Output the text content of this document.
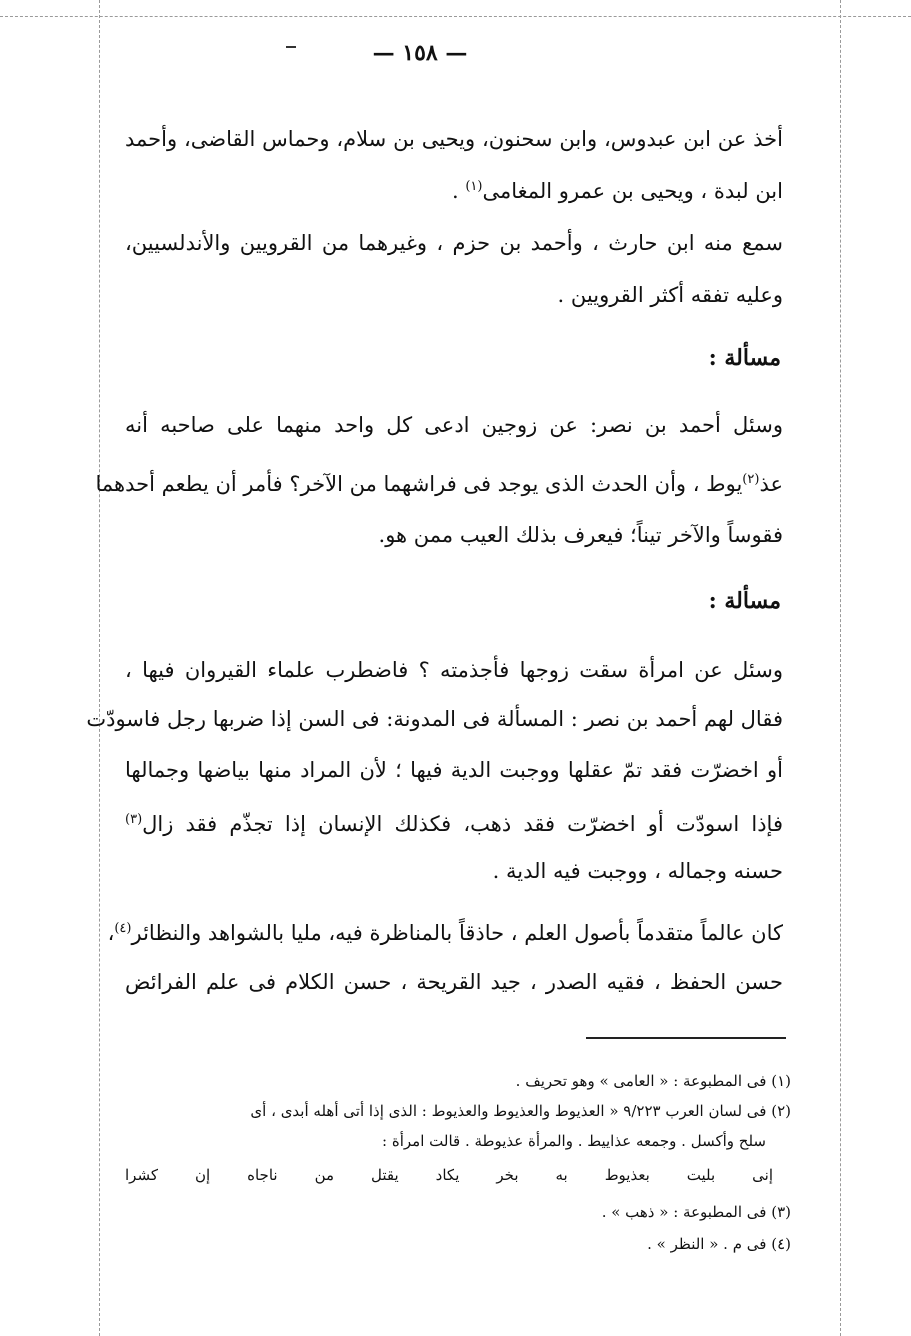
— ١٥٨ —
أخذ عن ابن عبدوس، وابن سحنون، ويحيى بن سلام، وحماس القاضى، وأحمد
ابن لبدة ، ويحيى بن عمرو المغامى$^{(١)}$ .
سمع منه ابن حارث ، وأحمد بن حزم ، وغيرهما من القرويين والأندلسيين،
وعليه تفقه أكثر القرويين .
مسألة :
وسئل أحمد بن نصر: عن زوجين ادعى كل واحد منهما على صاحبه أنه
عذ$^{(٢)}$يوط ، وأن الحدث الذى يوجد فى فراشهما من الآخر؟ فأمر أن يطعم أحدهما
فقوساً والآخر تيناً؛ فيعرف بذلك العيب ممن هو.
مسألة :
وسئل عن امرأة سقت زوجها فأجذمته ؟ فاضطرب علماء القيروان فيها ،
فقال لهم أحمد بن نصر : المسألة فى المدونة: فى السن إذا ضربها رجل فاسودّت
أو اخضرّت فقد تمّ عقلها ووجبت الدية فيها ؛ لأن المراد منها بياضها وجمالها
فإذا اسودّت أو اخضرّت فقد ذهب، فكذلك الإنسان إذا تجذّم فقد زال$^{(٣)}$
حسنه وجماله ، ووجبت فيه الدية .
كان عالماً متقدماً بأصول العلم ، حاذقاً بالمناظرة فيه، مليا بالشواهد والنظائر$^{(٤)}$،
حسن الحفظ ، فقيه الصدر ، جيد القريحة ، حسن الكلام فى علم الفرائض
(١) فى المطبوعة : « العامى » وهو تحريف .
(٢) فى لسان العرب ٩/٢٢٣ « العذيوط والعذيوط والعذيوط : الذى إذا أتى أهله أبدى ، أى
سلح وأكسل . وجمعه عذاييط . والمرأة عذيوطة . قالت امرأة :
إنى بليت بعذيوط به بخر يكاد يقتل من ناجاه إن كشرا
(٣) فى المطبوعة : « ذهب » .
(٤) فى م . « النظر » .
